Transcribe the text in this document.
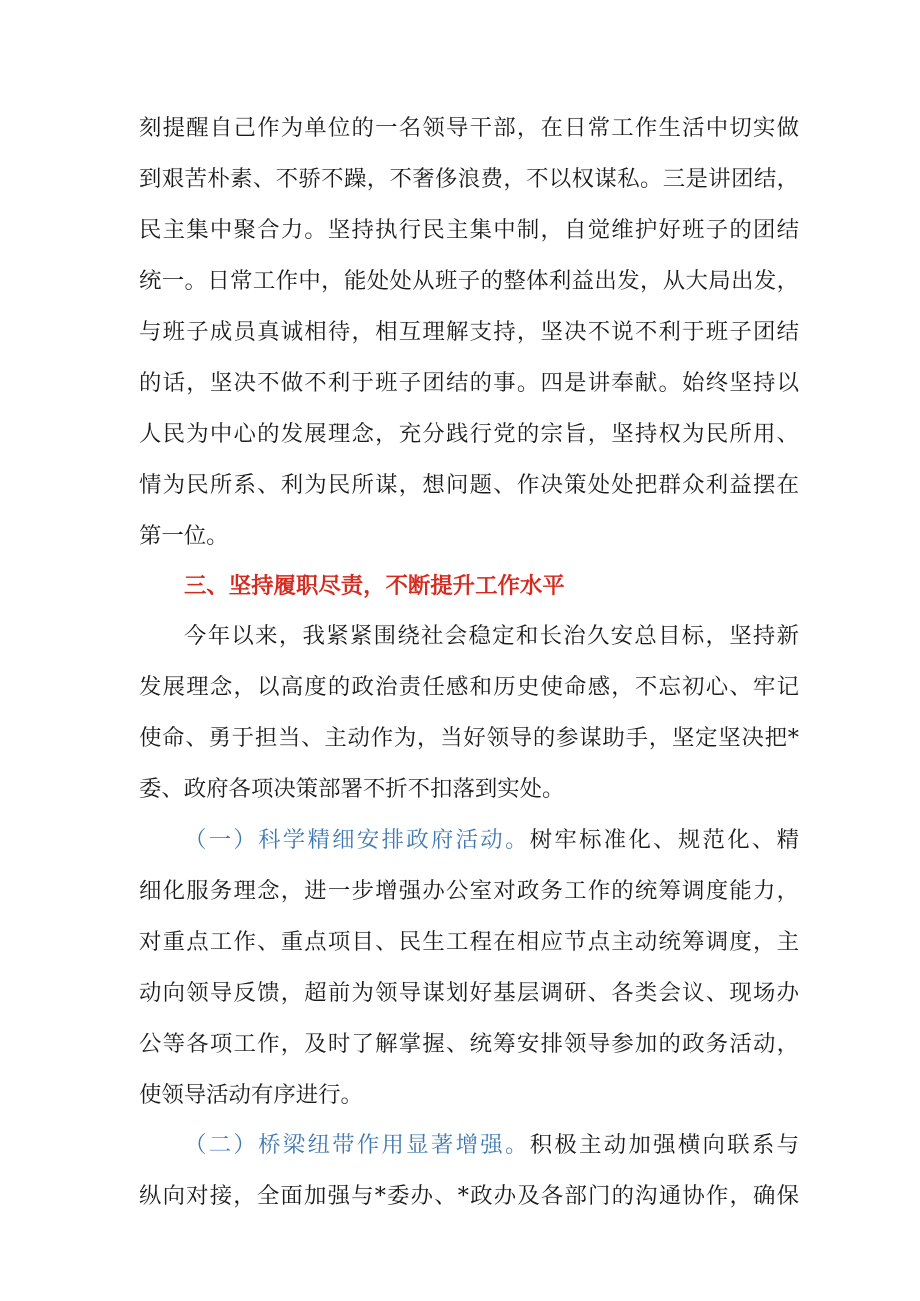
刻提醒自己作为单位的一名领导干部，在日常工作生活中切实做

到艰苦朴素、不骄不躁，不奢侈浪费，不以权谋私。三是讲团结，

民主集中聚合力。坚持执行民主集中制，自觉维护好班子的团结

统一。日常工作中，能处处从班子的整体利益出发，从大局出发，

与班子成员真诚相待，相互理解支持，坚决不说不利于班子团结

的话，坚决不做不利于班子团结的事。四是讲奉献。始终坚持以

人民为中心的发展理念，充分践行党的宗旨，坚持权为民所用、

情为民所系、利为民所谋，想问题、作决策处处把群众利益摆在

第一位。

三、坚持履职尽责，不断提升工作水平

今年以来，我紧紧围绕社会稳定和长治久安总目标，坚持新

发展理念，以高度的政治责任感和历史使命感，不忘初心、牢记

使命、勇于担当、主动作为，当好领导的参谋助手，坚定坚决把*

委、政府各项决策部署不折不扣落到实处。

（一）科学精细安排政府活动。树牢标准化、规范化、精

细化服务理念，进一步增强办公室对政务工作的统筹调度能力，

对重点工作、重点项目、民生工程在相应节点主动统筹调度，主

动向领导反馈，超前为领导谋划好基层调研、各类会议、现场办

公等各项工作，及时了解掌握、统筹安排领导参加的政务活动，

使领导活动有序进行。

（二）桥梁纽带作用显著增强。积极主动加强横向联系与

纵向对接，全面加强与*委办、*政办及各部门的沟通协作，确保
